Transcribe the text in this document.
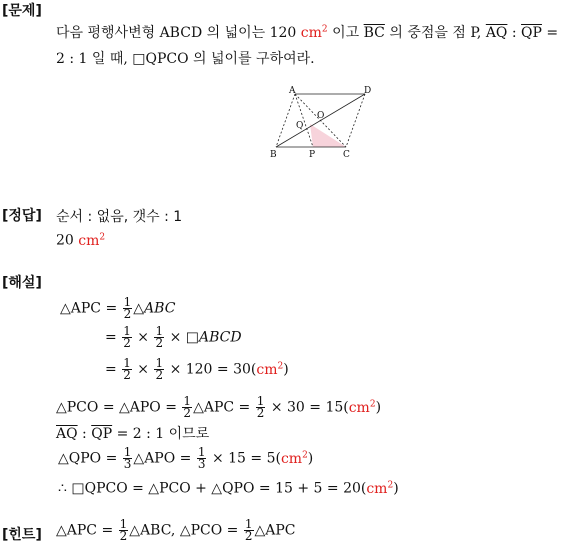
[문제]
[정답]
[해설]
[힌트]
다음 평행사변형 ABCD 의 넓이는 120 $cm^2$ 이고 $\overline{BC}$ 의 중점을 점 P, $\overline{AQ}$ : $\overline{QP}$ =
2 : 1 일 때, □QPCO 의 넓이를 구하여라.
A	D
B	P	C
Q
O
순서 : 없음, 갯수 : 1
20 $cm^2$
△APC = $\frac{1}{2}$ △ABC
= $\frac{1}{2} \times \frac{1}{2}$ × □ABCD
= $\frac{1}{2} \times \frac{1}{2} \times 120 = 30(cm^2)$
△PCO = △APO = $\frac{1}{2}$ △APC = $\frac{1}{2} \times 30 = 15(cm^2)$
$\overline{AQ}$ : $\overline{QP} = 2$ : 1 이므로
△QPO = $\frac{1}{3}$ △APO = $\frac{1}{3} \times 15 = 5(cm^2)$
∴ □QPCO = △PCO + △QPO = $15 + 5 = 20(cm^2)$
△APC = $\frac{1}{2}$ △ABC, △PCO = $\frac{1}{2}$ △APC
